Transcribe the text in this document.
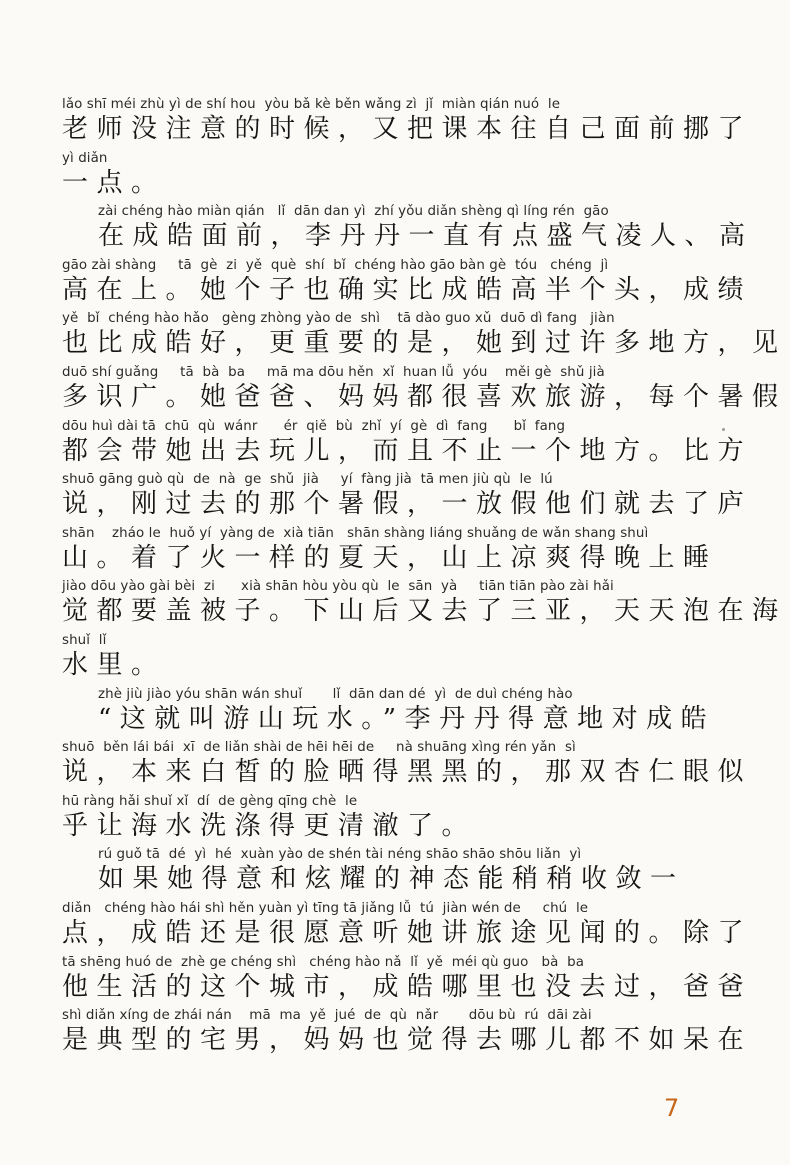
lǎo shī méi zhù yì de shí hou  yòu bǎ kè běn wǎng zì  jǐ  miàn qián nuó  le
老师没注意的时候，又把课本往自己面前挪了
yì diǎn
一点。
zài chéng hào miàn qián   lǐ  dān dan yì  zhí yǒu diǎn shèng qì líng rén  gāo
在成皓面前，李丹丹一直有点盛气凌人、高
gāo zài shàng     tā  gè  zi  yě  què  shí  bǐ  chéng hào gāo bàn gè  tóu   chéng  jì
高在上。她个子也确实比成皓高半个头，成绩
yě  bǐ  chéng hào hǎo   gèng zhòng yào de  shì    tā dào guo xǔ  duō dì fang   jiàn
也比成皓好，更重要的是，她到过许多地方，见
duō shí guǎng     tā  bà  ba     mā ma dōu hěn  xǐ  huan lǚ  yóu    měi gè  shǔ jià
多识广。她爸爸、妈妈都很喜欢旅游，每个暑假
dōu huì dài tā  chū  qù  wánr      ér  qiě  bù  zhǐ  yí  gè  dì  fang      bǐ  fang
都会带她出去玩儿，而且不止一个地方。比方
shuō gāng guò qù  de  nà  ge  shǔ  jià     yí  fàng jià  tā men jiù qù  le  lú
说，刚过去的那个暑假，一放假他们就去了庐
shān    zháo le  huǒ yí  yàng de  xià tiān   shān shàng liáng shuǎng de wǎn shang shuì
山。着了火一样的夏天，山上凉爽得晚上睡
jiào dōu yào gài bèi  zi      xià shān hòu yòu qù  le  sān  yà     tiān tiān pào zài hǎi
觉都要盖被子。下山后又去了三亚，天天泡在海
shuǐ  lǐ
水里。
zhè jiù jiào yóu shān wán shuǐ       lǐ  dān dan dé  yì  de duì chéng hào
“这就叫游山玩水。”李丹丹得意地对成皓
shuō  běn lái bái  xī  de liǎn shài de hēi hēi de     nà shuāng xìng rén yǎn  sì
说，本来白皙的脸晒得黑黑的，那双杏仁眼似
hū ràng hǎi shuǐ xǐ  dí  de gèng qīng chè  le
乎让海水洗涤得更清澈了。
rú guǒ tā  dé  yì  hé  xuàn yào de shén tài néng shāo shāo shōu liǎn  yì
如果她得意和炫耀的神态能稍稍收敛一
diǎn   chéng hào hái shì hěn yuàn yì tīng tā jiǎng lǚ  tú  jiàn wén de     chú  le
点，成皓还是很愿意听她讲旅途见闻的。除了
tā shēng huó de  zhè ge chéng shì   chéng hào nǎ  lǐ  yě  méi qù guo   bà  ba
他生活的这个城市，成皓哪里也没去过，爸爸
shì diǎn xíng de zhái nán    mā  ma  yě  jué  de  qù  nǎr       dōu bù  rú  dāi zài
是典型的宅男，妈妈也觉得去哪儿都不如呆在
7
